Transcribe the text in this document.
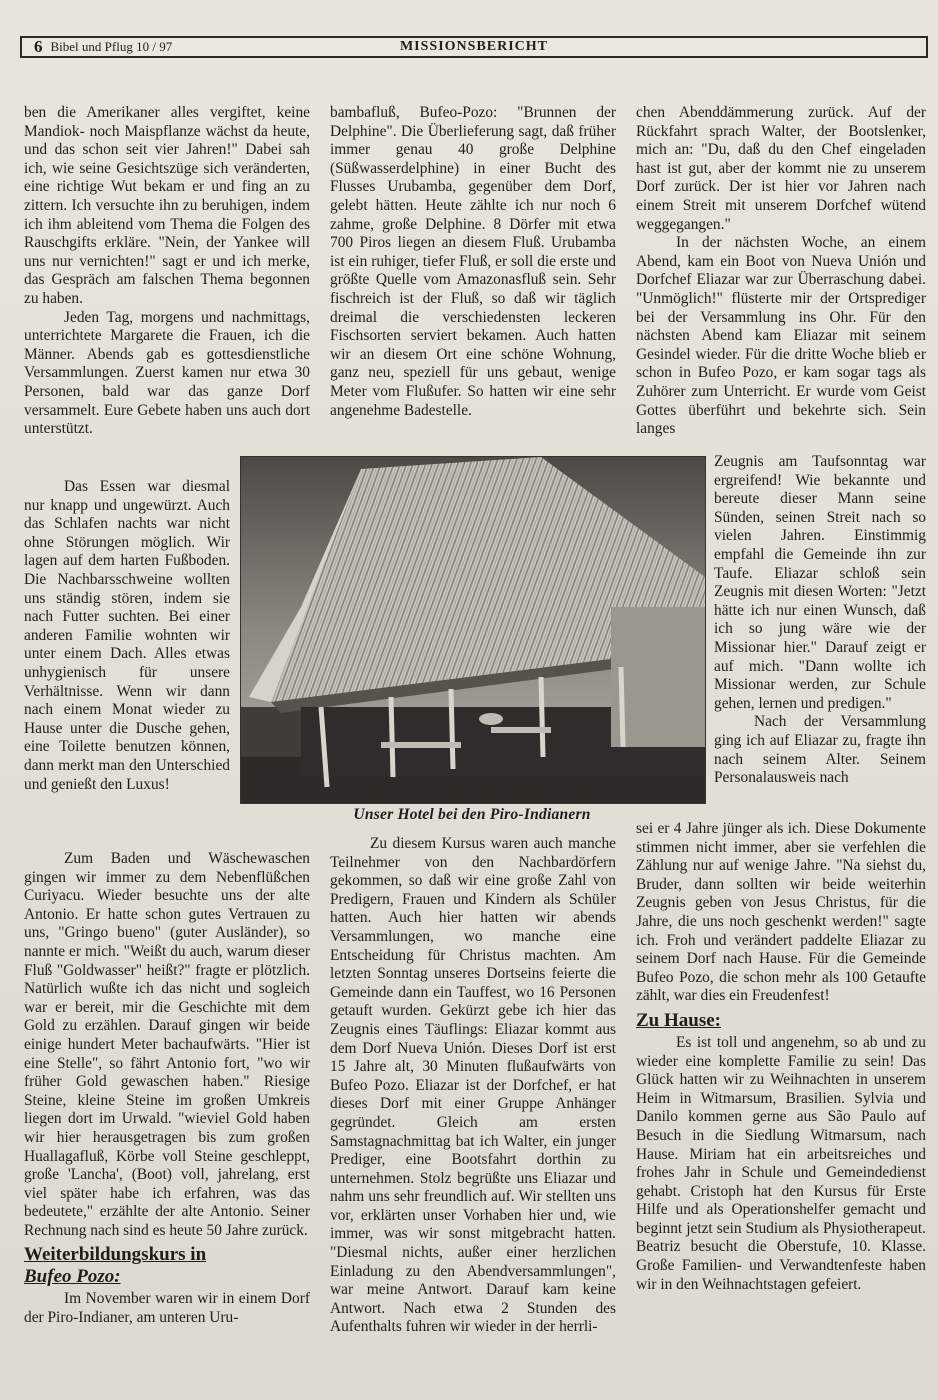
6 Bibel und Pflug 10 / 97	MISSIONSBERICHT

ben die Amerikaner alles vergiftet, keine Mandiok- noch Maispflanze wächst da heute, und das schon seit vier Jahren!" Dabei sah ich, wie seine Gesichtszüge sich veränderten, eine richtige Wut bekam er und fing an zu zittern. Ich versuchte ihn zu beruhigen, indem ich ihm ableitend vom Thema die Folgen des Rauschgifts erkläre. "Nein, der Yankee will uns nur vernichten!" sagt er und ich merke, das Gespräch am falschen Thema begonnen zu haben.

Jeden Tag, morgens und nachmittags, unterrichtete Margarete die Frauen, ich die Männer. Abends gab es gottesdienstliche Versammlungen. Zuerst kamen nur etwa 30 Personen, bald war das ganze Dorf versammelt. Eure Gebete haben uns auch dort unterstützt.

Das Essen war diesmal nur knapp und ungewürzt. Auch das Schlafen nachts war nicht ohne Störungen möglich. Wir lagen auf dem harten Fußboden. Die Nachbarsschweine wollten uns ständig stören, indem sie nach Futter suchten. Bei einer anderen Familie wohnten wir unter einem Dach. Alles etwas unhygienisch für unsere Verhältnisse. Wenn wir dann nach einem Monat wieder zu Hause unter die Dusche gehen, eine Toilette benutzen können, dann merkt man den Unterschied und genießt den Luxus!

Zum Baden und Wäschewaschen gingen wir immer zu dem Nebenflüßchen Curiyacu. Wieder besuchte uns der alte Antonio. Er hatte schon gutes Vertrauen zu uns, "Gringo bueno" (guter Ausländer), so nannte er mich. "Weißt du auch, warum dieser Fluß "Goldwasser" heißt?" fragte er plötzlich. Natürlich wußte ich das nicht und sogleich war er bereit, mir die Geschichte mit dem Gold zu erzählen. Darauf gingen wir beide einige hundert Meter bachaufwärts. "Hier ist eine Stelle", so fährt Antonio fort, "wo wir früher Gold gewaschen haben." Riesige Steine, kleine Steine im großen Umkreis liegen dort im Urwald. "wieviel Gold haben wir hier herausgetragen bis zum großen Huallagafluß, Körbe voll Steine geschleppt, große 'Lancha', (Boot) voll, jahrelang, erst viel später habe ich erfahren, was das bedeutete," erzählte der alte Antonio. Seiner Rechnung nach sind es heute 50 Jahre zurück.

Weiterbildungskurs in
Bufeo Pozo:

Im November waren wir in einem Dorf der Piro-Indianer, am unteren Uru-

bambafluß, Bufeo-Pozo: "Brunnen der Delphine". Die Überlieferung sagt, daß früher immer genau 40 große Delphine (Süßwasserdelphine) in einer Bucht des Flusses Urubamba, gegenüber dem Dorf, gelebt hätten. Heute zählte ich nur noch 6 zahme, große Delphine. 8 Dörfer mit etwa 700 Piros liegen an diesem Fluß. Urubamba ist ein ruhiger, tiefer Fluß, er soll die erste und größte Quelle vom Amazonasfluß sein. Sehr fischreich ist der Fluß, so daß wir täglich dreimal die verschiedensten leckeren Fischsorten serviert bekamen. Auch hatten wir an diesem Ort eine schöne Wohnung, ganz neu, speziell für uns gebaut, wenige Meter vom Flußufer. So hatten wir eine sehr angenehme Badestelle.

Unser Hotel bei den Piro-Indianern

Zu diesem Kursus waren auch manche Teilnehmer von den Nachbardörfern gekommen, so daß wir eine große Zahl von Predigern, Frauen und Kindern als Schüler hatten. Auch hier hatten wir abends Versammlungen, wo manche eine Entscheidung für Christus machten. Am letzten Sonntag unseres Dortseins feierte die Gemeinde dann ein Tauffest, wo 16 Personen getauft wurden. Gekürzt gebe ich hier das Zeugnis eines Täuflings: Eliazar kommt aus dem Dorf Nueva Unión. Dieses Dorf ist erst 15 Jahre alt, 30 Minuten flußaufwärts von Bufeo Pozo. Eliazar ist der Dorfchef, er hat dieses Dorf mit einer Gruppe Anhänger gegründet. Gleich am ersten Samstagnachmittag bat ich Walter, ein junger Prediger, eine Bootsfahrt dorthin zu unternehmen. Stolz begrüßte uns Eliazar und nahm uns sehr freundlich auf. Wir stellten uns vor, erklärten unser Vorhaben hier und, wie immer, was wir sonst mitgebracht hatten. "Diesmal nichts, außer einer herzlichen Einladung zu den Abendversammlungen", war meine Antwort. Darauf kam keine Antwort. Nach etwa 2 Stunden des Aufenthalts fuhren wir wieder in der herrli-

chen Abenddämmerung zurück. Auf der Rückfahrt sprach Walter, der Bootslenker, mich an: "Du, daß du den Chef eingeladen hast ist gut, aber der kommt nie zu unserem Dorf zurück. Der ist hier vor Jahren nach einem Streit mit unserem Dorfchef wütend weggegangen."

In der nächsten Woche, an einem Abend, kam ein Boot von Nueva Unión und Dorfchef Eliazar war zur Überraschung dabei. "Unmöglich!" flüsterte mir der Ortsprediger bei der Versammlung ins Ohr. Für den nächsten Abend kam Eliazar mit seinem Gesindel wieder. Für die dritte Woche blieb er schon in Bufeo Pozo, er kam sogar tags als Zuhörer zum Unterricht. Er wurde vom Geist Gottes überführt und bekehrte sich. Sein langes

Zeugnis am Taufsonntag war ergreifend! Wie bekannte und bereute dieser Mann seine Sünden, seinen Streit nach so vielen Jahren. Einstimmig empfahl die Gemeinde ihn zur Taufe. Eliazar schloß sein Zeugnis mit diesen Worten: "Jetzt hätte ich nur einen Wunsch, daß ich so jung wäre wie der Missionar hier." Darauf zeigt er auf mich. "Dann wollte ich Missionar werden, zur Schule gehen, lernen und predigen."

Nach der Versammlung ging ich auf Eliazar zu, fragte ihn nach seinem Alter. Seinem Personalausweis nach

sei er 4 Jahre jünger als ich. Diese Dokumente stimmen nicht immer, aber sie verfehlen die Zählung nur auf wenige Jahre. "Na siehst du, Bruder, dann sollten wir beide weiterhin Zeugnis geben von Jesus Christus, für die Jahre, die uns noch geschenkt werden!" sagte ich. Froh und verändert paddelte Eliazar zu seinem Dorf nach Hause. Für die Gemeinde Bufeo Pozo, die schon mehr als 100 Getaufte zählt, war dies ein Freudenfest!

Zu Hause:

Es ist toll und angenehm, so ab und zu wieder eine komplette Familie zu sein! Das Glück hatten wir zu Weihnachten in unserem Heim in Witmarsum, Brasilien. Sylvia und Danilo kommen gerne aus São Paulo auf Besuch in die Siedlung Witmarsum, nach Hause. Miriam hat ein arbeitsreiches und frohes Jahr in Schule und Gemeindedienst gehabt. Cristoph hat den Kursus für Erste Hilfe und als Operationshelfer gemacht und beginnt jetzt sein Studium als Physiotherapeut. Beatriz besucht die Oberstufe, 10. Klasse. Große Familien- und Verwandtenfeste haben wir in den Weihnachtstagen gefeiert.
